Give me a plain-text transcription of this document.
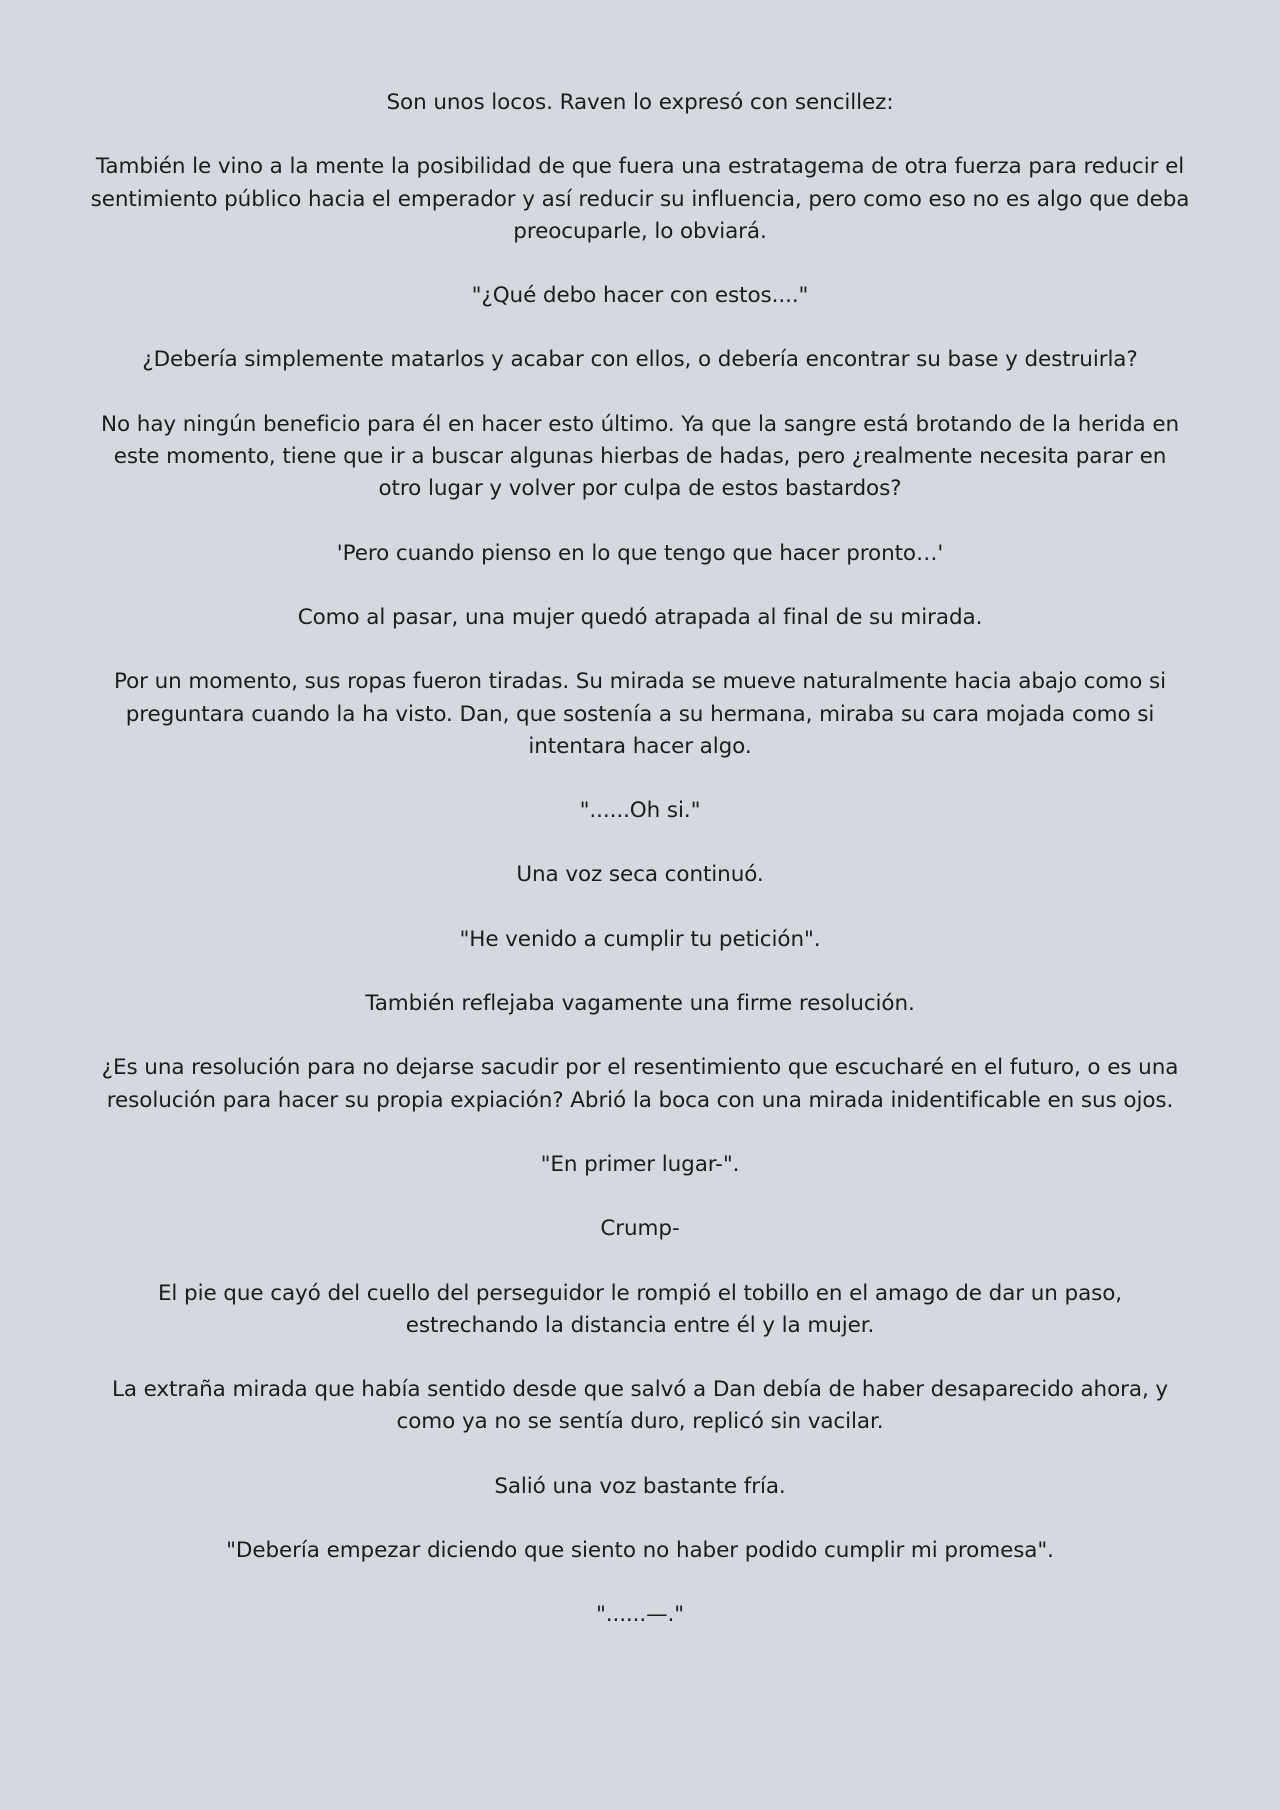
Son unos locos. Raven lo expresó con sencillez:

También le vino a la mente la posibilidad de que fuera una estratagema de otra fuerza para reducir el sentimiento público hacia el emperador y así reducir su influencia, pero como eso no es algo que deba preocuparle, lo obviará.

"¿Qué debo hacer con estos...."

¿Debería simplemente matarlos y acabar con ellos, o debería encontrar su base y destruirla?

No hay ningún beneficio para él en hacer esto último. Ya que la sangre está brotando de la herida en este momento, tiene que ir a buscar algunas hierbas de hadas, pero ¿realmente necesita parar en otro lugar y volver por culpa de estos bastardos?

'Pero cuando pienso en lo que tengo que hacer pronto…'

Como al pasar, una mujer quedó atrapada al final de su mirada.

Por un momento, sus ropas fueron tiradas. Su mirada se mueve naturalmente hacia abajo como si preguntara cuando la ha visto. Dan, que sostenía a su hermana, miraba su cara mojada como si intentara hacer algo.

"......Oh si."

Una voz seca continuó.

"He venido a cumplir tu petición".

También reflejaba vagamente una firme resolución.

¿Es una resolución para no dejarse sacudir por el resentimiento que escucharé en el futuro, o es una resolución para hacer su propia expiación? Abrió la boca con una mirada inidentificable en sus ojos.

"En primer lugar-".

Crump-

El pie que cayó del cuello del perseguidor le rompió el tobillo en el amago de dar un paso, estrechando la distancia entre él y la mujer.

La extraña mirada que había sentido desde que salvó a Dan debía de haber desaparecido ahora, y como ya no se sentía duro, replicó sin vacilar.

Salió una voz bastante fría.

"Debería empezar diciendo que siento no haber podido cumplir mi promesa".

"......—."
